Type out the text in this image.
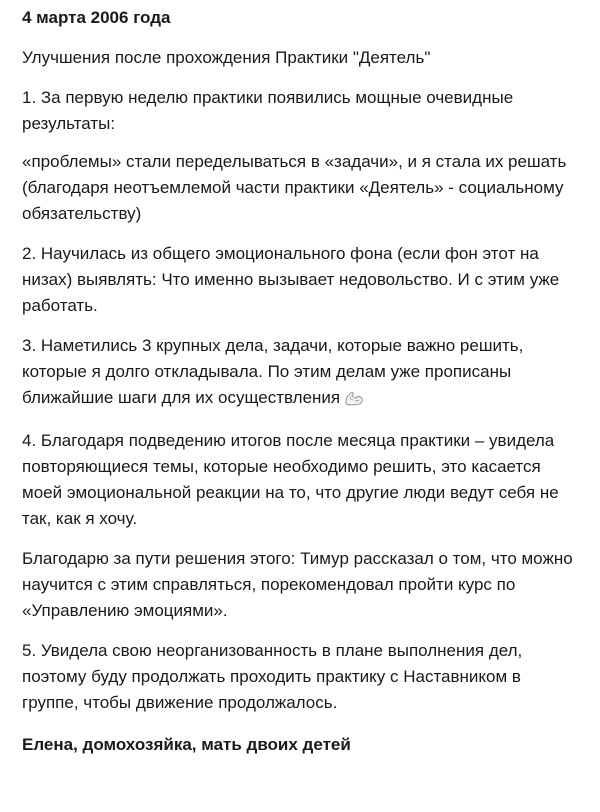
4 марта 2006 года
Улучшения после прохождения Практики "Деятель"
1. За первую неделю практики появились мощные очевидные результаты:
«проблемы» стали переделываться в «задачи», и я стала их решать (благодаря неотъемлемой части практики «Деятель» - социальному обязательству)
2. Научилась из общего эмоционального фона (если фон этот на низах) выявлять: Что именно вызывает недовольство. И с этим уже работать.
3. Наметились 3 крупных дела, задачи, которые важно решить, которые я долго откладывала. По этим делам уже прописаны ближайшие шаги для их осуществления
4. Благодаря подведению итогов после месяца практики – увидела повторяющиеся темы, которые необходимо решить, это касается моей эмоциональной реакции на то, что другие люди ведут себя не так, как я хочу.
Благодарю за пути решения этого: Тимур рассказал о том, что можно научится с этим справляться, порекомендовал пройти курс по «Управлению эмоциями».
5. Увидела свою неорганизованность в плане выполнения дел, поэтому буду продолжать проходить практику с Наставником в группе, чтобы движение продолжалось.
Елена, домохозяйка, мать двоих детей
